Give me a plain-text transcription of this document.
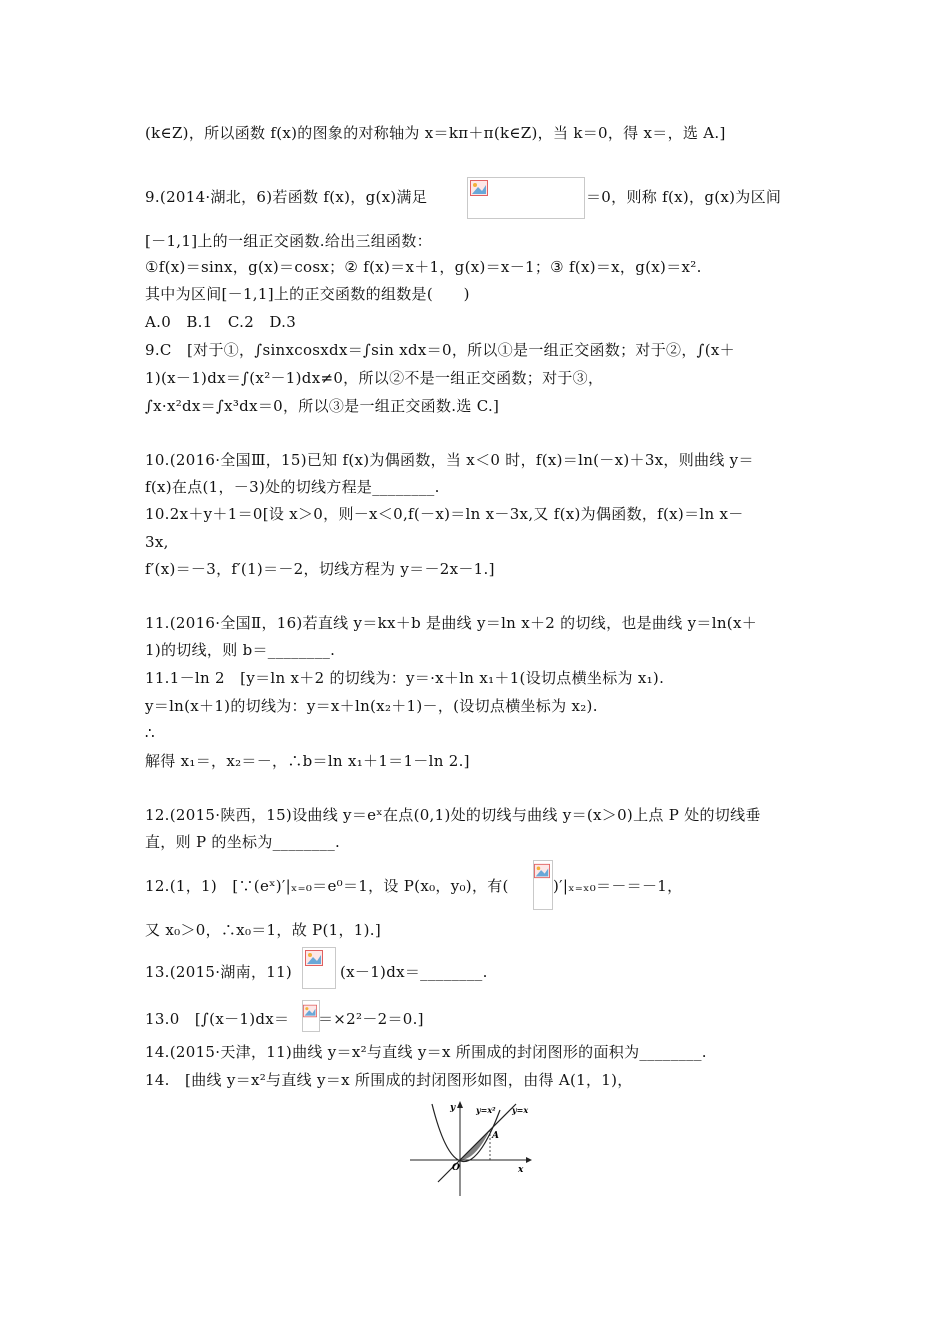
(k∈Z)，所以函数 f(x)的图象的对称轴为 x＝kπ＋π(k∈Z)，当 k＝0，得 x＝，选 A.]
9.(2014·湖北，6)若函数 f(x)，g(x)满足	＝0，则称 f(x)，g(x)为区间
[－1,1]上的一组正交函数.给出三组函数：
①f(x)＝sinx，g(x)＝cosx；② f(x)＝x＋1，g(x)＝x－1；③ f(x)＝x，g(x)＝x².
其中为区间[－1,1]上的正交函数的组数是(　　)
A.0　B.1　C.2　D.3
9.C　[对于①，∫sinxcosxdx＝∫sin xdx＝0，所以①是一组正交函数；对于②，∫(x＋
1)(x－1)dx＝∫(x²－1)dx≠0，所以②不是一组正交函数；对于③，
∫x·x²dx＝∫x³dx＝0，所以③是一组正交函数.选 C.]
10.(2016·全国Ⅲ，15)已知 f(x)为偶函数，当 x＜0 时，f(x)＝ln(－x)＋3x，则曲线 y＝
f(x)在点(1，－3)处的切线方程是________.
10.2x＋y＋1＝0[设 x＞0，则－x＜0,f(－x)＝ln x－3x,又 f(x)为偶函数，f(x)＝ln x－
3x,
f′(x)＝－3，f′(1)＝－2，切线方程为 y＝－2x－1.]
11.(2016·全国Ⅱ，16)若直线 y＝kx＋b 是曲线 y＝ln x＋2 的切线，也是曲线 y＝ln(x＋
1)的切线，则 b＝________.
11.1－ln 2　[y＝ln x＋2 的切线为：y＝·x＋ln x₁＋1(设切点横坐标为 x₁).
y＝ln(x＋1)的切线为：y＝x＋ln(x₂＋1)－，(设切点横坐标为 x₂).
∴
解得 x₁＝，x₂＝－，∴b＝ln x₁＋1＝1－ln 2.]
12.(2015·陕西，15)设曲线 y＝eˣ在点(0,1)处的切线与曲线 y＝(x＞0)上点 P 处的切线垂
直，则 P 的坐标为________.
12.(1，1)　[∵(eˣ)′|ₓ₌₀＝e⁰＝1，设 P(x₀，y₀)，有(	)′|ₓ₌ₓ₀＝－＝－1，
又 x₀＞0，∴x₀＝1，故 P(1，1).]
13.(2015·湖南，11)	(x－1)dx＝________.
13.0　[∫(x－1)dx＝ ＝×2²－2＝0.]
14.(2015·天津，11)曲线 y＝x²与直线 y＝x 所围成的封闭图形的面积为________.
14.　[曲线 y＝x²与直线 y＝x 所围成的封闭图形如图，由得 A(1，1)，
y
x
O
A
y=x² y=x
